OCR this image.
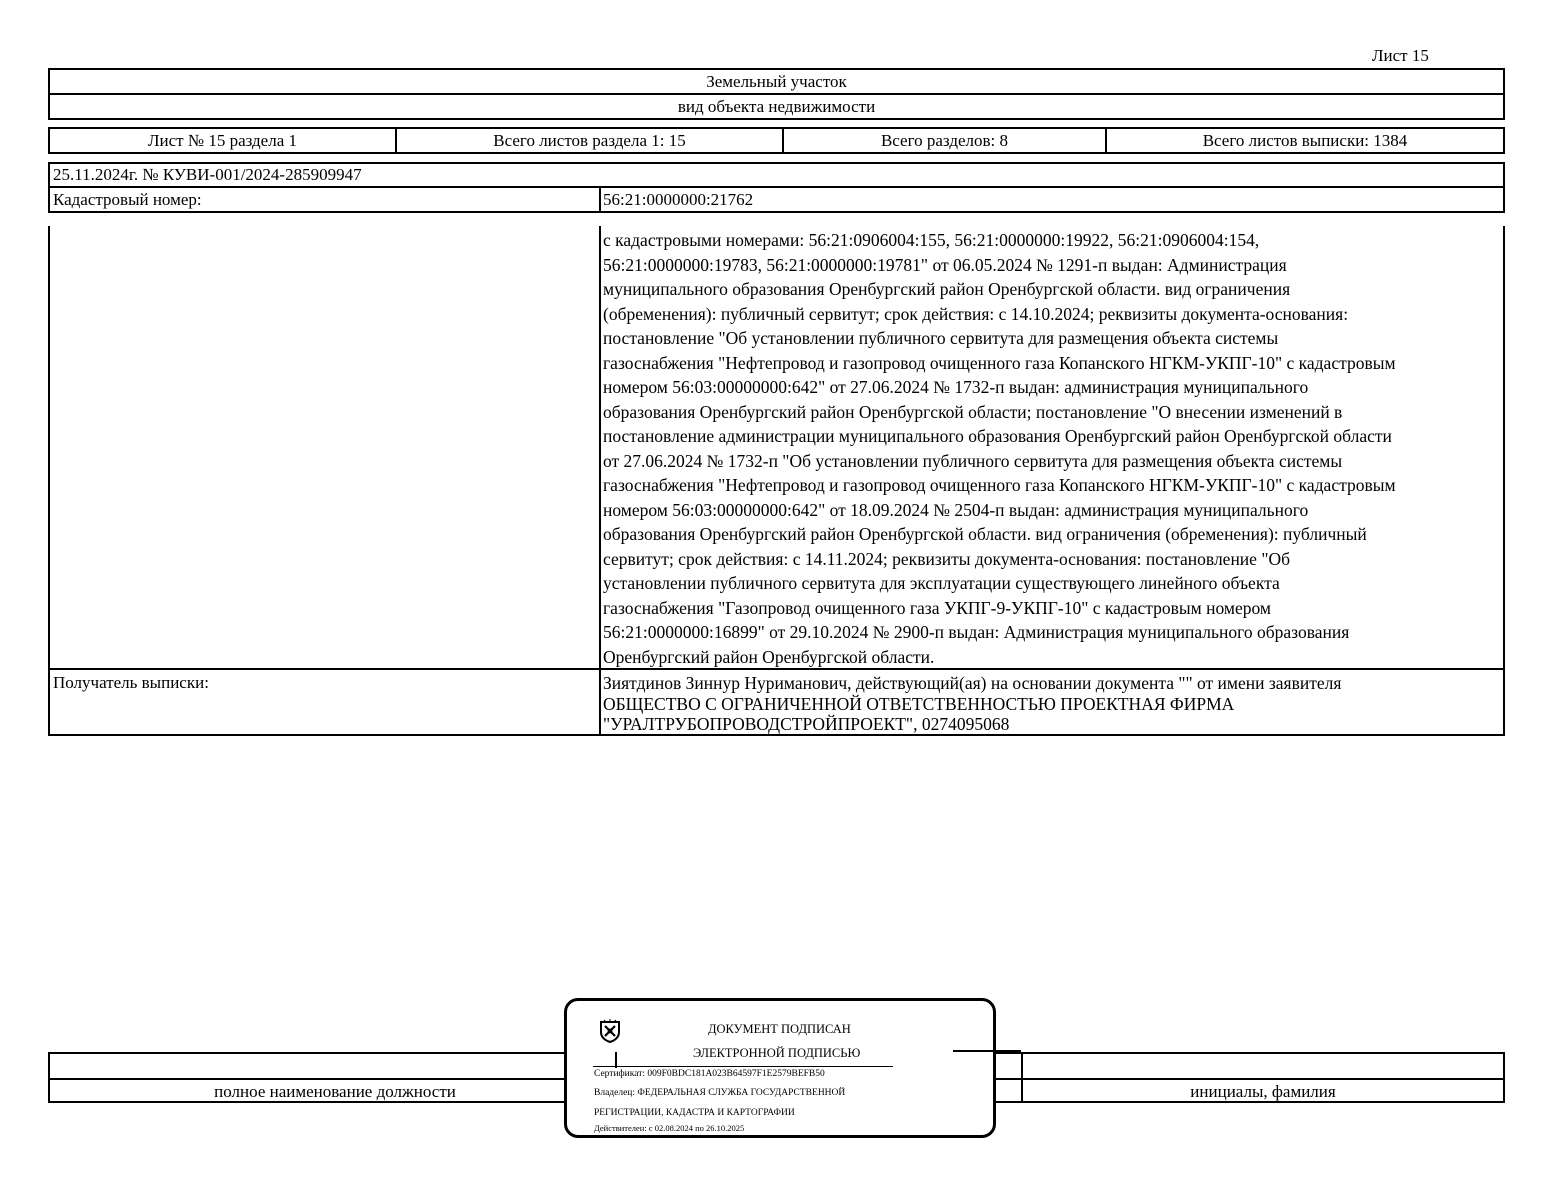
Лист 15
Земельный участок
вид объекта недвижимости
Лист № 15 раздела 1	Всего листов раздела 1: 15	Всего разделов: 8	Всего листов выписки: 1384
25.11.2024г. № КУВИ-001/2024-285909947
Кадастровый номер:	56:21:0000000:21762
с кадастровыми номерами: 56:21:0906004:155, 56:21:0000000:19922, 56:21:0906004:154,
56:21:0000000:19783, 56:21:0000000:19781" от 06.05.2024 № 1291-п выдан: Администрация
муниципального образования Оренбургский район Оренбургской области. вид ограничения
(обременения): публичный сервитут; срок действия: с 14.10.2024; реквизиты документа-основания:
постановление "Об установлении публичного сервитута для размещения объекта системы
газоснабжения "Нефтепровод и газопровод очищенного газа Копанского НГКМ-УКПГ-10" с кадастровым
номером 56:03:00000000:642" от 27.06.2024 № 1732-п выдан: администрация муниципального
образования Оренбургский район Оренбургской области; постановление "О внесении изменений в
постановление администрации муниципального образования Оренбургский район Оренбургской области
от 27.06.2024 № 1732-п "Об установлении публичного сервитута для размещения объекта системы
газоснабжения "Нефтепровод и газопровод очищенного газа Копанского НГКМ-УКПГ-10" с кадастровым
номером 56:03:00000000:642" от 18.09.2024 № 2504-п выдан: администрация муниципального
образования Оренбургский район Оренбургской области. вид ограничения (обременения): публичный
сервитут; срок действия: с 14.11.2024; реквизиты документа-основания: постановление "Об
установлении публичного сервитута для эксплуатации существующего линейного объекта
газоснабжения "Газопровод очищенного газа УКПГ-9-УКПГ-10" с кадастровым номером
56:21:0000000:16899" от 29.10.2024 № 2900-п выдан: Администрация муниципального образования
Оренбургский район Оренбургской области.
Получатель выписки:	Зиятдинов Зиннур Нуриманович, действующий(ая) на основании документа "" от имени заявителя
ОБЩЕСТВО С ОГРАНИЧЕННОЙ ОТВЕТСТВЕННОСТЬЮ ПРОЕКТНАЯ ФИРМА
"УРАЛТРУБОПРОВОДСТРОЙПРОЕКТ", 0274095068
полное наименование должности	инициалы, фамилия
ДОКУМЕНТ ПОДПИСАН
ЭЛЕКТРОННОЙ ПОДПИСЬЮ
Сертификат: 009F0BDC181A023B64597F1E2579BEFB50
Владелец: ФЕДЕРАЛЬНАЯ СЛУЖБА ГОСУДАРСТВЕННОЙ
РЕГИСТРАЦИИ, КАДАСТРА И КАРТОГРАФИИ
Действителен: с 02.08.2024 по 26.10.2025
